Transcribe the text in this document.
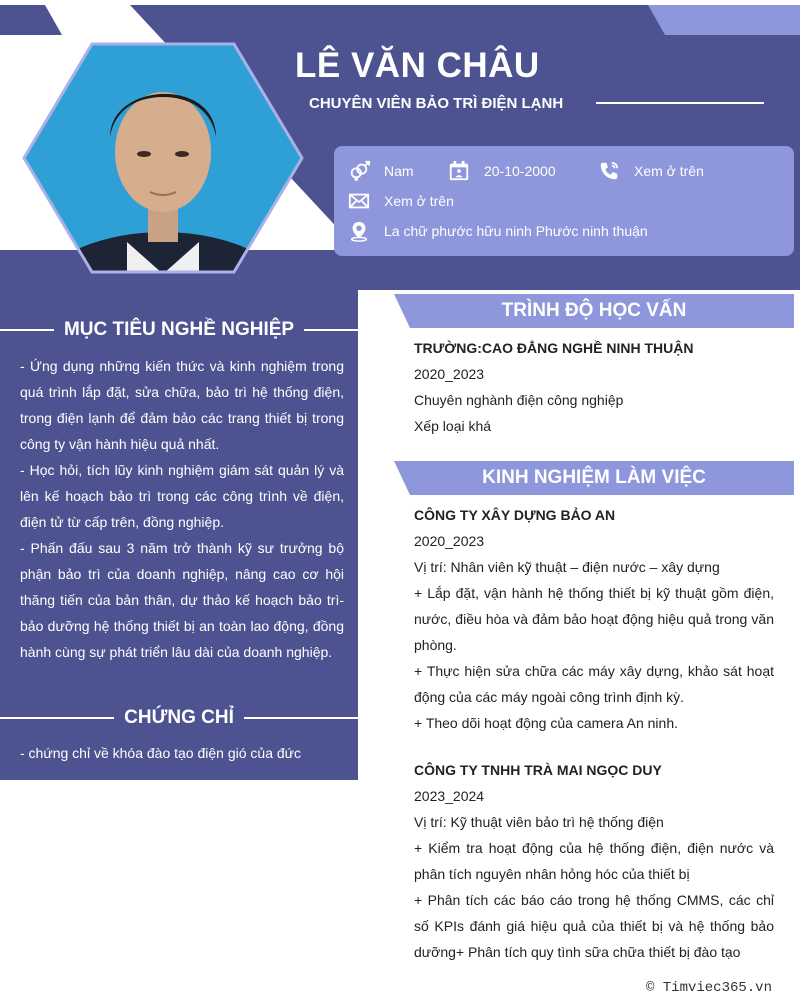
LÊ VĂN CHÂU
CHUYÊN VIÊN BẢO TRÌ ĐIỆN LẠNH
Nam	20-10-2000	Xem ở trên
Xem ở trên
La chữ phước hữu ninh Phước ninh thuận
MỤC TIÊU NGHỀ NGHIỆP

- Ứng dụng những kiến thức và kinh nghiệm trong quá trình lắp đặt, sửa chữa, bảo trì hệ thống điện, trong điện lạnh để đảm bảo các trang thiết bị trong công ty vận hành hiệu quả nhất.

- Học hỏi, tích lũy kinh nghiệm giám sát quản lý và lên kế hoạch bảo trì trong các công trình về điện, điện tử từ cấp trên, đồng nghiệp.

- Phấn đấu sau 3 năm trở thành kỹ sư trưởng bộ phận bảo trì của doanh nghiệp, nâng cao cơ hội thăng tiến của bản thân, dự thảo kế hoạch bảo trì- bảo dưỡng hệ thống thiết bị an toàn lao động, đồng hành cùng sự phát triển lâu dài của doanh nghiệp.

CHỨNG CHỈ

- chứng chỉ về khóa đào tạo điện gió của đức

TRÌNH ĐỘ HỌC VẤN

TRƯỜNG:CAO ĐẲNG NGHỀ NINH THUẬN

2020_2023

Chuyên nghành điện công nghiệp

Xếp loại khá

KINH NGHIỆM LÀM VIỆC

CÔNG TY XÂY DỰNG BẢO AN

2020_2023

Vị trí: Nhân viên kỹ thuật – điện nước – xây dựng

+ Lắp đặt, vận hành hệ thống thiết bị kỹ thuật gồm điện, nước, điều hòa và đảm bảo hoạt động hiệu quả trong văn phòng.

+ Thực hiện sửa chữa các máy xây dựng, khảo sát hoạt động của các máy ngoài công trình định kỳ.

+ Theo dõi hoạt động của camera An ninh.

CÔNG TY TNHH TRÀ MAI NGỌC DUY

2023_2024

Vị trí: Kỹ thuật viên bảo trì hệ thống điện

+ Kiểm tra hoạt động của hệ thống điện, điện nước và phân tích nguyên nhân hỏng hóc của thiết bị

+ Phân tích các báo cáo trong hệ thống CMMS, các chỉ số KPIs đánh giá hiệu quả của thiết bị và hệ thống bảo dưỡng+ Phân tích quy tình sữa chữa thiết bị đào tạo

© Timviec365.vn
